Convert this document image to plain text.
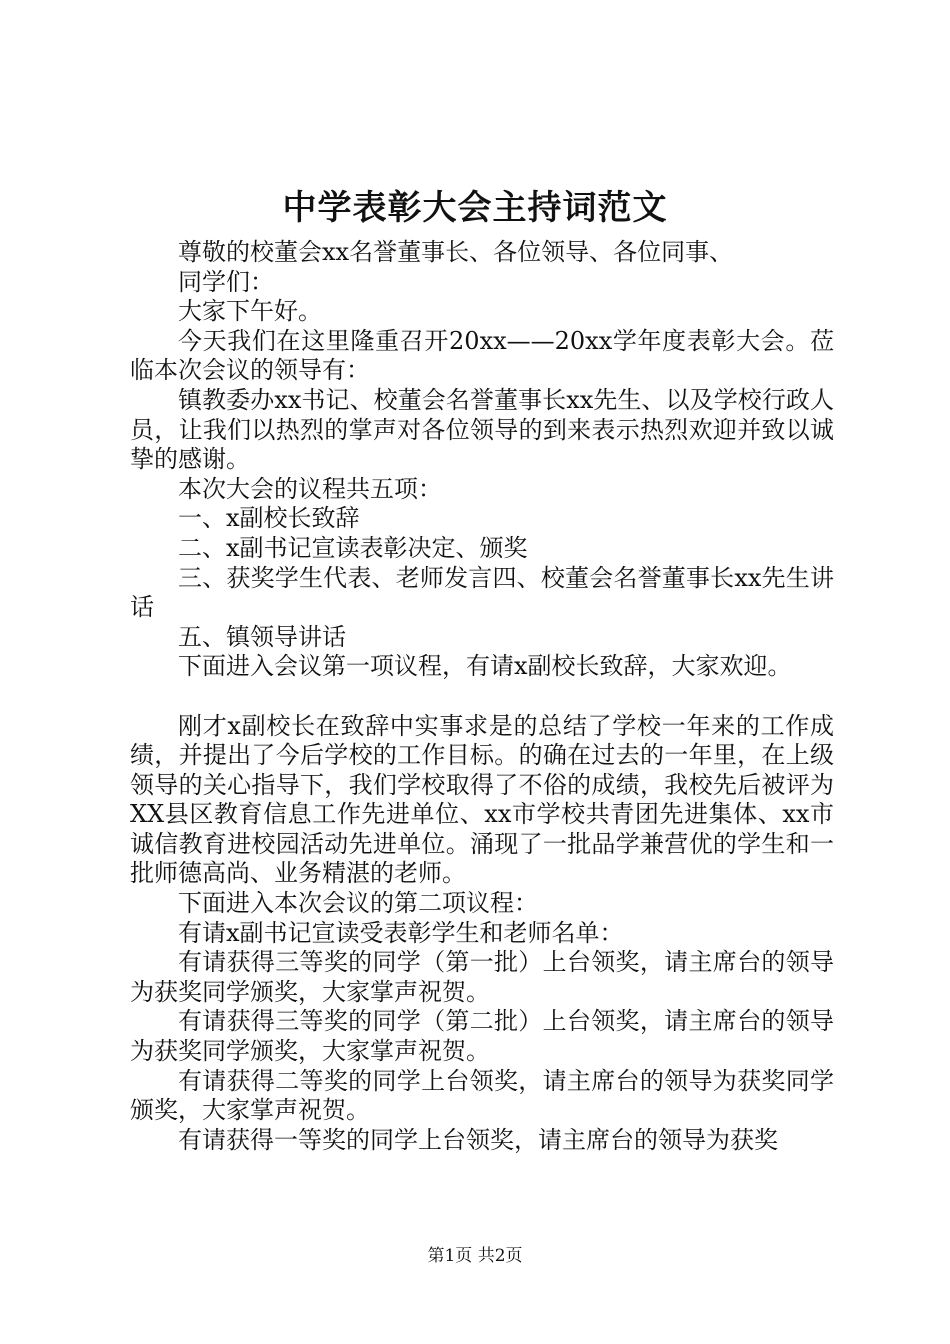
中学表彰大会主持词范文

尊敬的校董会xx名誉董事长、各位领导、各位同事、

同学们：

大家下午好。

今天我们在这里隆重召开20xx——20xx学年度表彰大会。莅临本次会议的领导有：

镇教委办xx书记、校董会名誉董事长xx先生、以及学校行政人员，让我们以热烈的掌声对各位领导的到来表示热烈欢迎并致以诚挚的感谢。

本次大会的议程共五项：

一、x副校长致辞

二、x副书记宣读表彰决定、颁奖

三、获奖学生代表、老师发言四、校董会名誉董事长xx先生讲话

五、镇领导讲话

下面进入会议第一项议程，有请x副校长致辞，大家欢迎。

刚才x副校长在致辞中实事求是的总结了学校一年来的工作成绩，并提出了今后学校的工作目标。的确在过去的一年里，在上级领导的关心指导下，我们学校取得了不俗的成绩，我校先后被评为XX县区教育信息工作先进单位、xx市学校共青团先进集体、xx市诚信教育进校园活动先进单位。涌现了一批品学兼营优的学生和一批师德高尚、业务精湛的老师。

下面进入本次会议的第二项议程：

有请x副书记宣读受表彰学生和老师名单：

有请获得三等奖的同学（第一批）上台领奖，请主席台的领导为获奖同学颁奖，大家掌声祝贺。

有请获得三等奖的同学（第二批）上台领奖，请主席台的领导为获奖同学颁奖，大家掌声祝贺。

有请获得二等奖的同学上台领奖，请主席台的领导为获奖同学颁奖，大家掌声祝贺。

有请获得一等奖的同学上台领奖，请主席台的领导为获奖

第1页 共2页
